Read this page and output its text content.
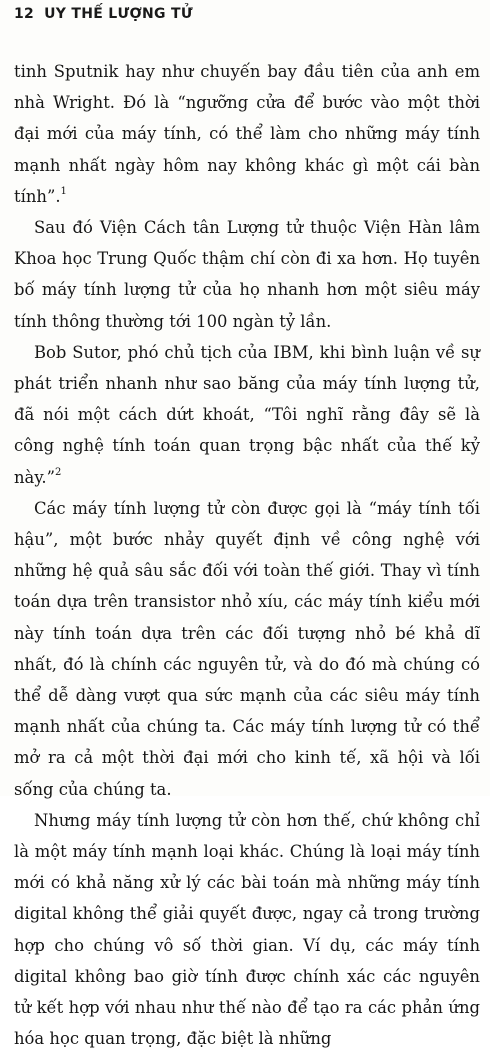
12 UY THẾ LƯỢNG TỬ

tinh Sputnik hay như chuyến bay đầu tiên của anh em nhà Wright. Đó là “ngưỡng cửa để bước vào một thời đại mới của máy tính, có thể làm cho những máy tính mạnh nhất ngày hôm nay không khác gì một cái bàn tính”.$^1$

Sau đó Viện Cách tân Lượng tử thuộc Viện Hàn lâm Khoa học Trung Quốc thậm chí còn đi xa hơn. Họ tuyên bố máy tính lượng tử của họ nhanh hơn một siêu máy tính thông thường tới 100 ngàn tỷ lần.

Bob Sutor, phó chủ tịch của IBM, khi bình luận về sự phát triển nhanh như sao băng của máy tính lượng tử, đã nói một cách dứt khoát, “Tôi nghĩ rằng đây sẽ là công nghệ tính toán quan trọng bậc nhất của thế kỷ này.”$^2$

Các máy tính lượng tử còn được gọi là “máy tính tối hậu”, một bước nhảy quyết định về công nghệ với những hệ quả sâu sắc đối với toàn thế giới. Thay vì tính toán dựa trên transistor nhỏ xíu, các máy tính kiểu mới này tính toán dựa trên các đối tượng nhỏ bé khả dĩ nhất, đó là chính các nguyên tử, và do đó mà chúng có thể dễ dàng vượt qua sức mạnh của các siêu máy tính mạnh nhất của chúng ta. Các máy tính lượng tử có thể mở ra cả một thời đại mới cho kinh tế, xã hội và lối sống của chúng ta.

Nhưng máy tính lượng tử còn hơn thế, chứ không chỉ là một máy tính mạnh loại khác. Chúng là loại máy tính mới có khả năng xử lý các bài toán mà những máy tính digital không thể giải quyết được, ngay cả trong trường hợp cho chúng vô số thời gian. Ví dụ, các máy tính digital không bao giờ tính được chính xác các nguyên tử kết hợp với nhau như thế nào để tạo ra các phản ứng hóa học quan trọng, đặc biệt là những
